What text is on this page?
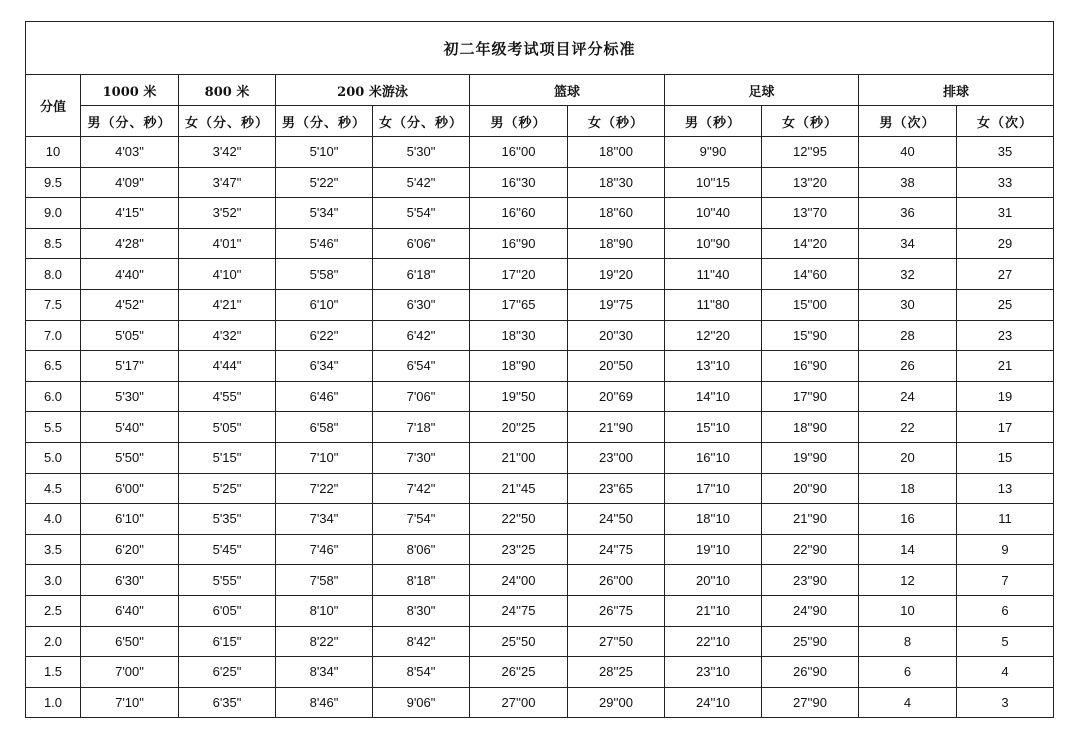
初二年级考试项目评分标准										
分值	1000 米	800 米	200 米游泳		篮球		足球		排球	
	男（分、秒）	女（分、秒）	男（分、秒）	女（分、秒）	男（秒）	女（秒）	男（秒）	女（秒）	男（次）	女（次）
10	4'03"	3'42"	5'10"	5'30"	16''00	18''00	9''90	12''95	40	35
9.5	4'09"	3'47"	5'22"	5'42"	16''30	18''30	10''15	13''20	38	33
9.0	4'15"	3'52"	5'34"	5'54"	16''60	18''60	10''40	13''70	36	31
8.5	4'28"	4'01"	5'46"	6'06"	16''90	18''90	10''90	14''20	34	29
8.0	4'40"	4'10"	5'58"	6'18"	17''20	19''20	11''40	14''60	32	27
7.5	4'52"	4'21"	6'10"	6'30"	17''65	19''75	11''80	15''00	30	25
7.0	5'05"	4'32"	6'22"	6'42"	18''30	20''30	12''20	15''90	28	23
6.5	5'17"	4'44"	6'34"	6'54"	18''90	20''50	13''10	16''90	26	21
6.0	5'30"	4'55"	6'46"	7'06"	19''50	20''69	14''10	17''90	24	19
5.5	5'40"	5'05"	6'58"	7'18"	20''25	21''90	15''10	18''90	22	17
5.0	5'50"	5'15"	7'10"	7'30"	21''00	23''00	16''10	19''90	20	15
4.5	6'00"	5'25"	7'22"	7'42"	21''45	23''65	17''10	20''90	18	13
4.0	6'10"	5'35"	7'34"	7'54"	22''50	24''50	18''10	21''90	16	11
3.5	6'20"	5'45"	7'46"	8'06"	23''25	24''75	19''10	22''90	14	9
3.0	6'30"	5'55"	7'58"	8'18"	24''00	26''00	20''10	23''90	12	7
2.5	6'40"	6'05"	8'10"	8'30"	24''75	26''75	21''10	24''90	10	6
2.0	6'50"	6'15"	8'22"	8'42"	25''50	27''50	22''10	25''90	8	5
1.5	7'00"	6'25"	8'34"	8'54"	26''25	28''25	23''10	26''90	6	4
1.0	7'10"	6'35"	8'46"	9'06"	27''00	29''00	24''10	27''90	4	3
